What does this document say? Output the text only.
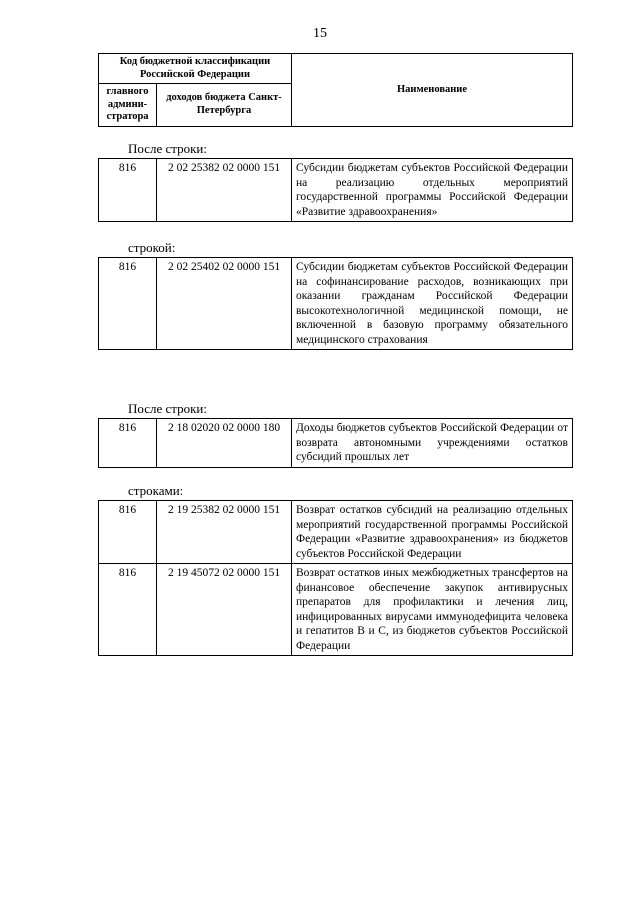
15
Код бюджетной классификации Российской Федерации		Наименование
главного админи-стратора	доходов бюджета Санкт-Петербурга	
После строки:
816	2 02 25382 02 0000 151	Субсидии бюджетам субъектов Российской Федерации на реализацию отдельных мероприятий государственной программы Российской Федерации «Развитие здравоохранения»
строкой:
816	2 02 25402 02 0000 151	Субсидии бюджетам субъектов Российской Федерации на софинансирование расходов, возникающих при оказании гражданам Российской Федерации высокотехнологичной медицинской помощи, не включенной в базовую программу обязательного медицинского страхования
После строки:
816	2 18 02020 02 0000 180	Доходы бюджетов субъектов Российской Федерации от возврата автономными учреждениями остатков субсидий прошлых лет
строками:
816	2 19 25382 02 0000 151	Возврат остатков субсидий на реализацию отдельных мероприятий государственной программы Российской Федерации «Развитие здравоохранения» из бюджетов субъектов Российской Федерации
816	2 19 45072 02 0000 151	Возврат остатков иных межбюджетных трансфертов на финансовое обеспечение закупок антивирусных препаратов для профилактики и лечения лиц, инфицированных вирусами иммунодефицита человека и гепатитов В и С, из бюджетов субъектов Российской Федерации
